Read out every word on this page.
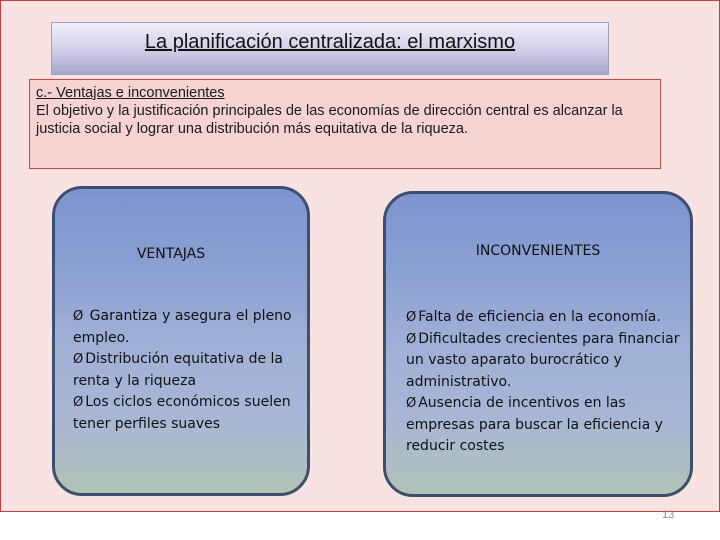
La planificación centralizada: el marxismo
c.- Ventajas e inconvenientes

El objetivo y la justificación principales de las economías de dirección central es alcanzar la justicia social y lograr una distribución más equitativa de la riqueza.

VENTAJAS
Ø Garantiza y asegura el pleno empleo.
Ø Distribución equitativa de la renta y la riqueza
Ø Los ciclos económicos suelen tener perfiles suaves
INCONVENIENTES
Ø Falta de eficiencia en la economía.
Ø Dificultades crecientes para financiar un vasto aparato burocrático y administrativo.
Ø Ausencia de incentivos en las empresas para buscar la eficiencia y reducir costes
13
